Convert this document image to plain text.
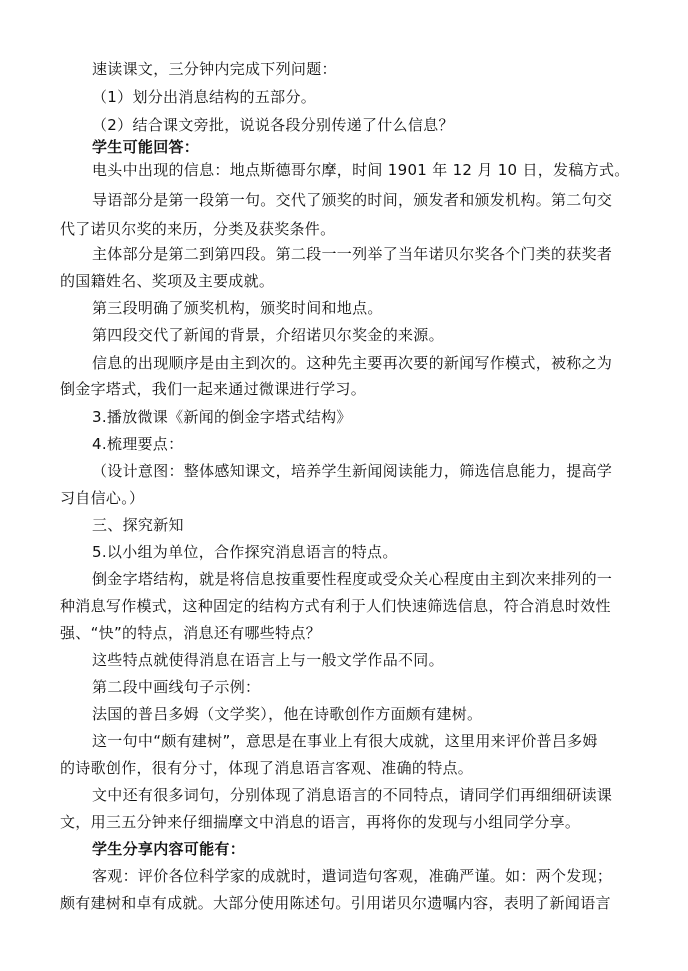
速读课文，三分钟内完成下列问题：
（1）划分出消息结构的五部分。
（2）结合课文旁批，说说各段分别传递了什么信息？
学生可能回答：
电头中出现的信息：地点斯德哥尔摩，时间 1901 年 12 月 10 日，发稿方式。
导语部分是第一段第一句。交代了颁奖的时间，颁发者和颁发机构。第二句交
代了诺贝尔奖的来历，分类及获奖条件。
主体部分是第二到第四段。第二段一一列举了当年诺贝尔奖各个门类的获奖者
的国籍姓名、奖项及主要成就。
第三段明确了颁奖机构，颁奖时间和地点。
第四段交代了新闻的背景，介绍诺贝尔奖金的来源。
信息的出现顺序是由主到次的。这种先主要再次要的新闻写作模式，被称之为
倒金字塔式，我们一起来通过微课进行学习。
3.播放微课《新闻的倒金字塔式结构》
4.梳理要点：
（设计意图：整体感知课文，培养学生新闻阅读能力，筛选信息能力，提高学
习自信心。）
三、探究新知
5.以小组为单位，合作探究消息语言的特点。
倒金字塔结构，就是将信息按重要性程度或受众关心程度由主到次来排列的一
种消息写作模式，这种固定的结构方式有利于人们快速筛选信息，符合消息时效性
强、“快”的特点，消息还有哪些特点？
这些特点就使得消息在语言上与一般文学作品不同。
第二段中画线句子示例：
法国的普吕多姆（文学奖），他在诗歌创作方面颇有建树。
这一句中“颇有建树”，意思是在事业上有很大成就，这里用来评价普吕多姆
的诗歌创作，很有分寸，体现了消息语言客观、准确的特点。
文中还有很多词句，分别体现了消息语言的不同特点，请同学们再细细研读课
文，用三五分钟来仔细揣摩文中消息的语言，再将你的发现与小组同学分享。
学生分享内容可能有：
客观：评价各位科学家的成就时，遣词造句客观，准确严谨。如：两个发现；
颇有建树和卓有成就。大部分使用陈述句。引用诺贝尔遗嘱内容，表明了新闻语言
